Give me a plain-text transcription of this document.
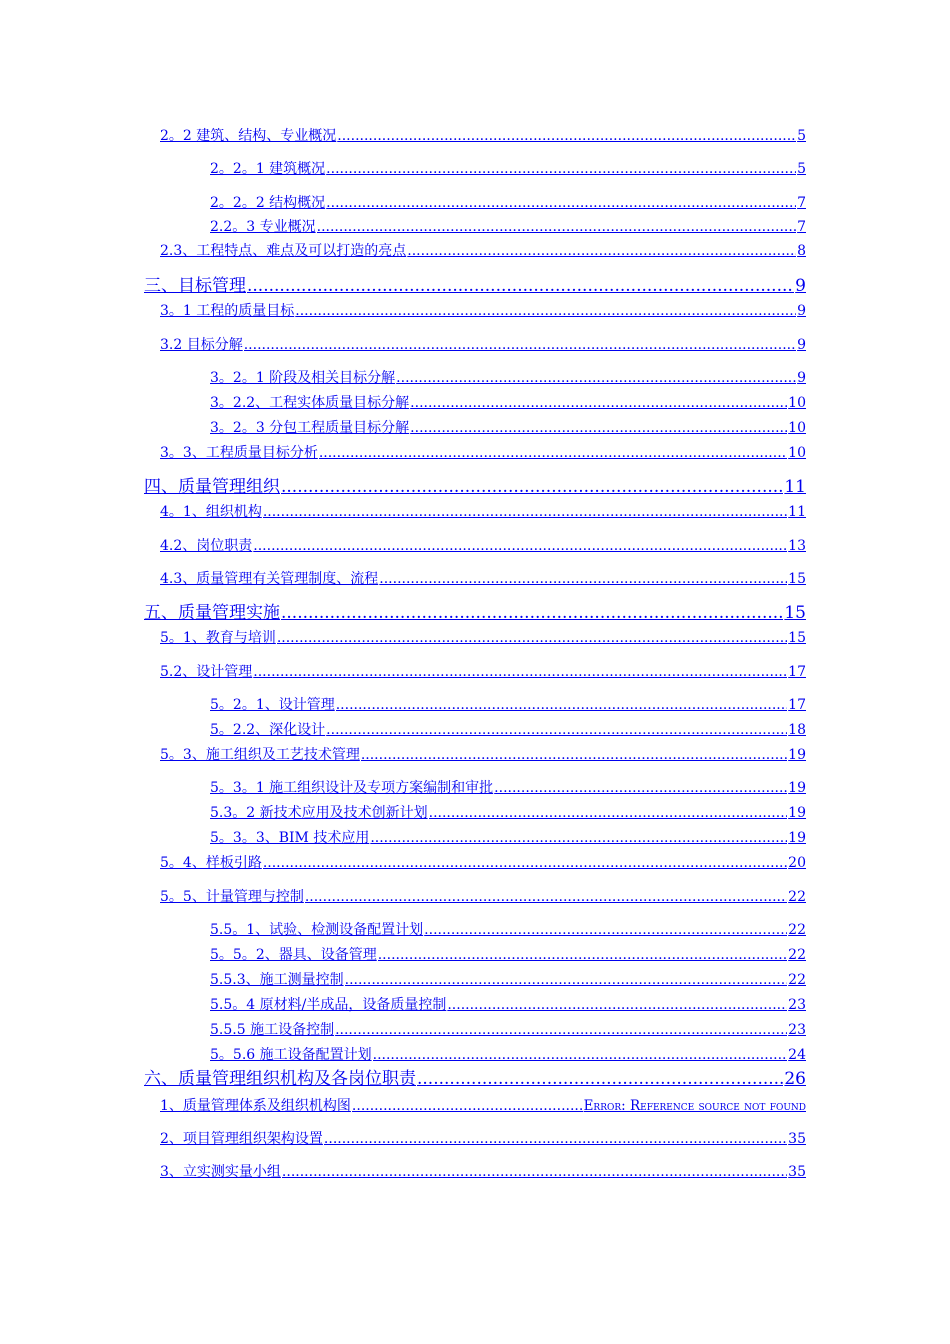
2。2 建筑、结构、专业概况 .....	5
2。2。1 建筑概况 .....	5
2。2。2 结构概况 .....	7
2.2。3 专业概况 .....	7
2.3、工程特点、难点及可以打造的亮点 .....	8
三、目标管理 .....	9
3。1 工程的质量目标 .....	9
3.2 目标分解 .....	9
3。2。1 阶段及相关目标分解 .....	9
3。2.2、工程实体质量目标分解 .....	10
3。2。3 分包工程质量目标分解 .....	10
3。3、工程质量目标分析 .....	10
四、质量管理组织 .....	11
4。1、组织机构 .....	11
4.2、岗位职责 .....	13
4.3、质量管理有关管理制度、流程 .....	15
五、质量管理实施 .....	15
5。1、教育与培训 .....	15
5.2、设计管理 .....	17
5。2。1、设计管理 .....	17
5。2.2、深化设计 .....	18
5。3、施工组织及工艺技术管理 .....	19
5。3。1 施工组织设计及专项方案编制和审批 .....	19
5.3。2 新技术应用及技术创新计划 .....	19
5。3。3、BIM 技术应用 .....	19
5。4、样板引路 .....	20
5。5、计量管理与控制 .....	22
5.5。1、试验、检测设备配置计划 .....	22
5。5。2、器具、设备管理 .....	22
5.5.3、施工测量控制 .....	22
5.5。4 原材料/半成品，设备质量控制 .....	23
5.5.5 施工设备控制 .....	23
5。5.6 施工设备配置计划 .....	24
六、质量管理组织机构及各岗位职责 .....	26
1、质量管理体系及组织机构图 .....	Error: Reference source not found
2、项目管理组织架构设置 .....	35
3、立实测实量小组 .....	35
